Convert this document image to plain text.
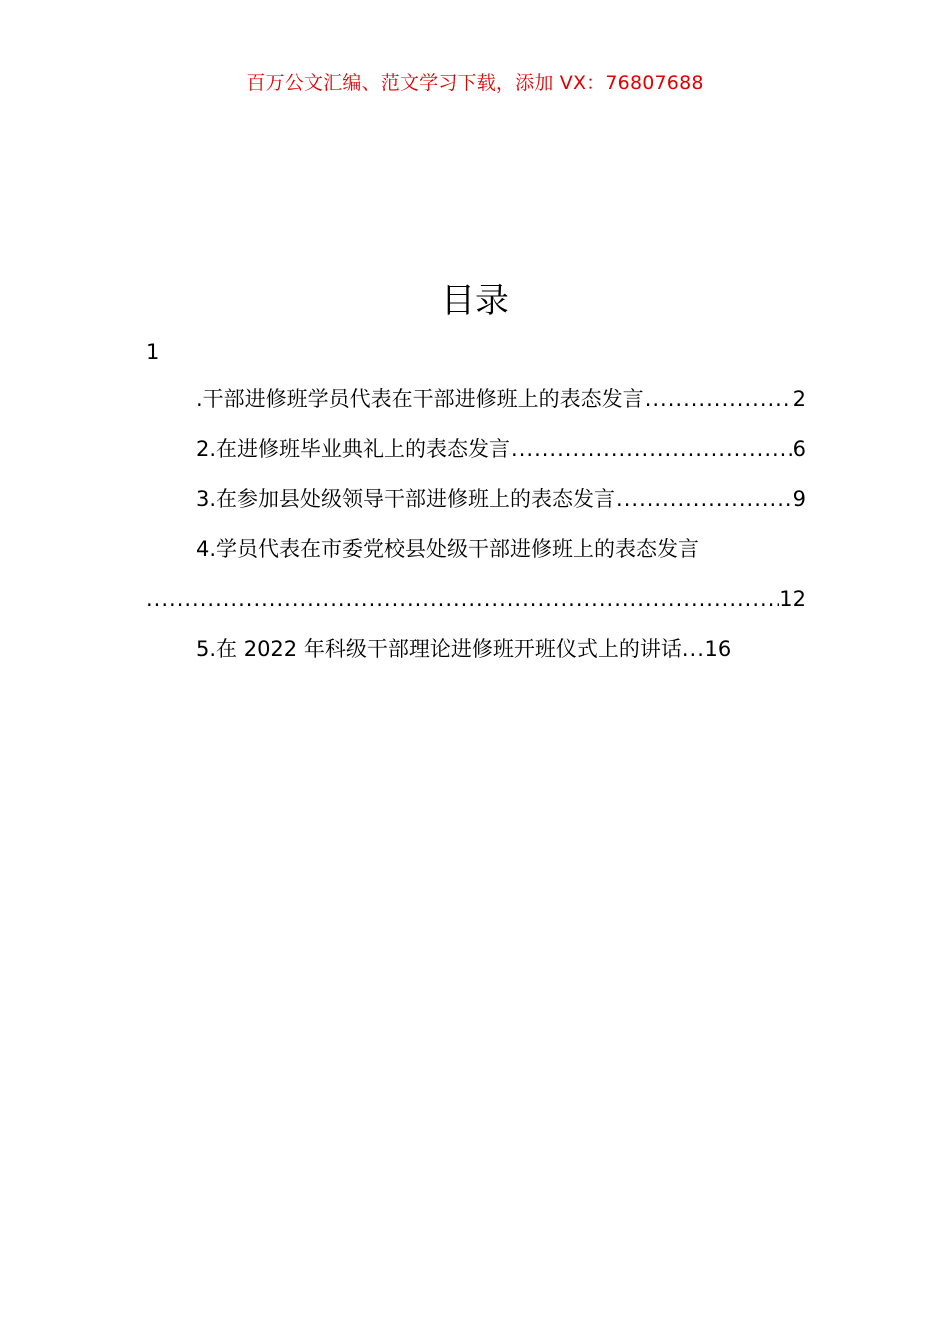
百万公文汇编、范文学习下载，添加 VX：76807688
目录
1
.干部进修班学员代表在干部进修班上的表态发言 .....	2
2.在进修班毕业典礼上的表态发言 .....	6
3.在参加县处级领导干部进修班上的表态发言 .....	9
4.学员代表在市委党校县处级干部进修班上的表态发言
.....
12
5.在 2022 年科级干部理论进修班开班仪式上的讲话. ..... 16
